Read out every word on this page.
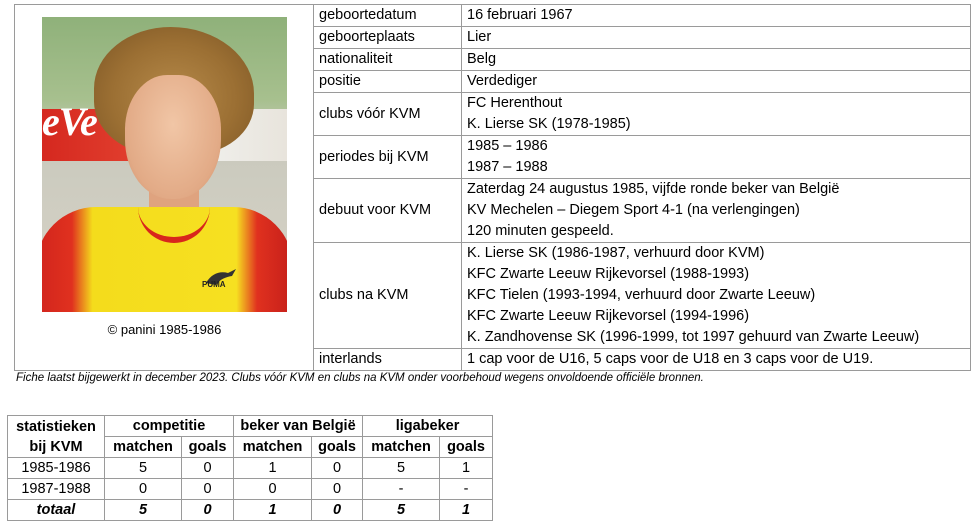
eVe
PUMA
© panini 1985-1986	geboortedatum	16 februari 1967

	geboorteplaats	Lier

	nationaliteit	Belg

	positie	Verdediger

	clubs vóór KVM	FC Herenthout
K. Lierse SK (1978-1985)

	periodes bij KVM	1985 – 1986
1987 – 1988

	debuut voor KVM	Zaterdag 24 augustus 1985, vijfde ronde beker van België
KV Mechelen – Diegem Sport 4-1 (na verlengingen)
120 minuten gespeeld.

	clubs na KVM	K. Lierse SK (1986-1987, verhuurd door KVM)
KFC Zwarte Leeuw Rijkevorsel (1988-1993)
KFC Tielen (1993-1994, verhuurd door Zwarte Leeuw)
KFC Zwarte Leeuw Rijkevorsel (1994-1996)
K. Zandhovense SK (1996-1999, tot 1997 gehuurd van Zwarte Leeuw)

	interlands	1 cap voor de U16, 5 caps voor de U18 en 3 caps voor de U19.

Fiche laatst bijgewerkt in december 2023. Clubs vóór KVM en clubs na KVM onder voorbehoud wegens onvoldoende officiële bronnen.

statistieken
bij KVM	competitie		beker van België		ligabeker	
	matchen	goals	matchen	goals	matchen	goals
1985-1986	5	0	1	0	5	1
1987-1988	0	0	0	0	-	-
totaal	5	0	1	0	5	1
